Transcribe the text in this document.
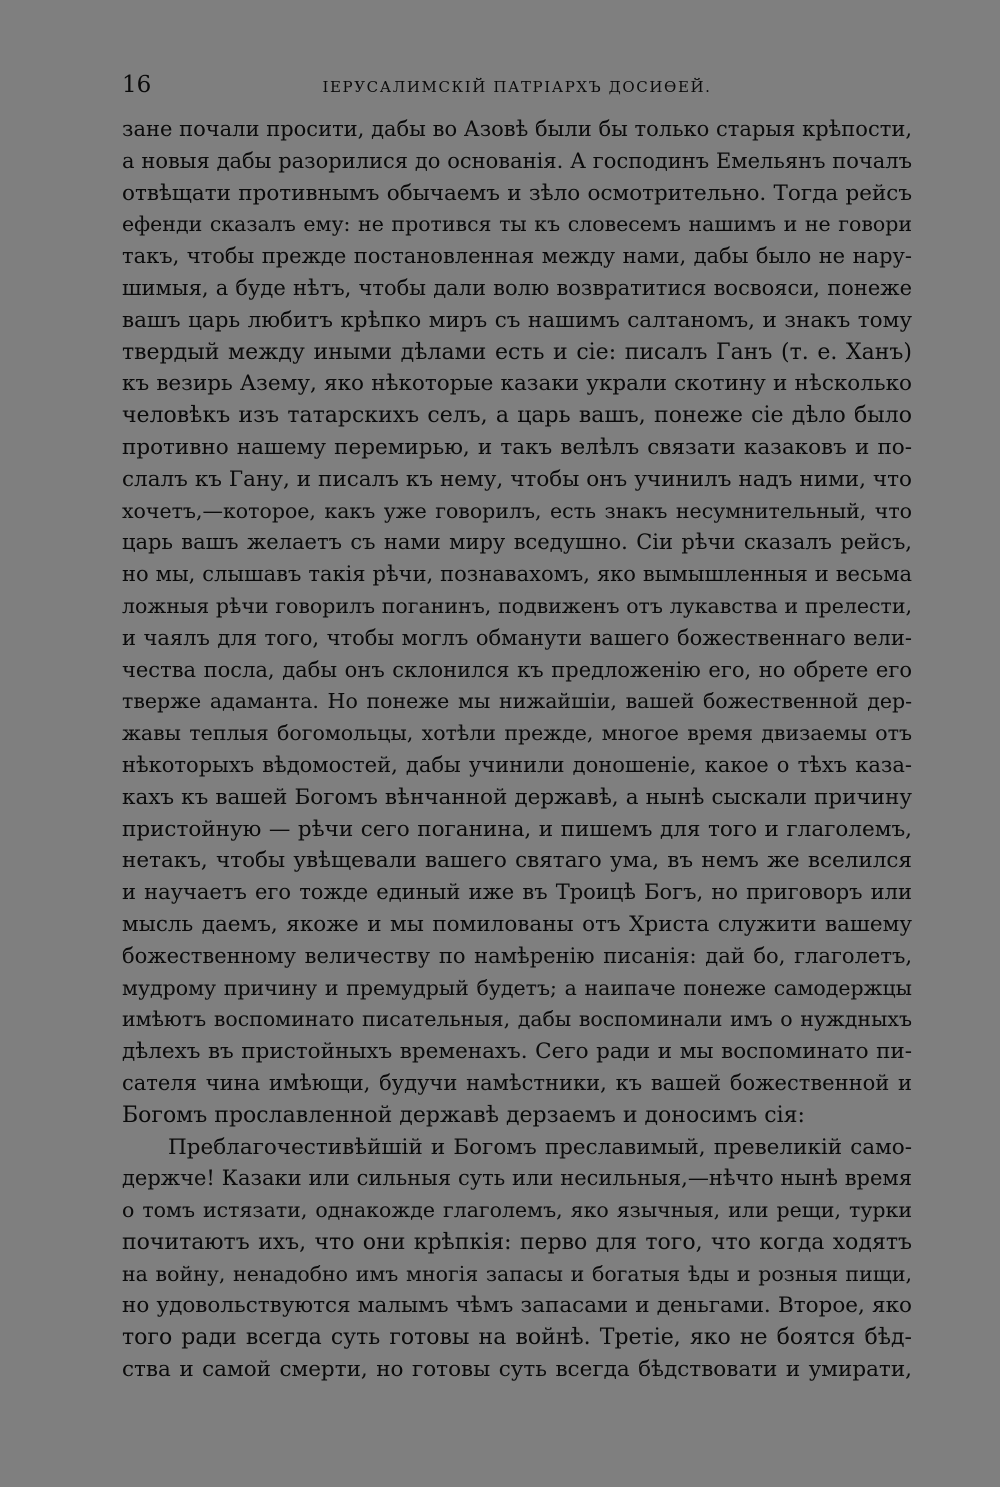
16	ІЕРУСАЛИМСКІЙ ПАТРІАРХЪ ДОСИѲЕЙ.
зане почали просити, дабы во Азовѣ были бы только старыя крѣпости,
а новыя дабы разорилися до основанія. А господинъ Емельянъ почалъ
отвѣщати противнымъ обычаемъ и зѣло осмотрительно. Тогда рейсъ
ефенди сказалъ ему: не протився ты къ словесемъ нашимъ и не говори
такъ, чтобы прежде постановленная между нами, дабы было не нару-
шимыя, а буде нѣтъ, чтобы дали волю возвратитися восвояси, понеже
вашъ царь любитъ крѣпко миръ съ нашимъ салтаномъ, и знакъ тому
твердый между иными дѣлами есть и сіе: писалъ Ганъ (т. е. Ханъ)
къ везирь Азему, яко нѣкоторые казаки украли скотину и нѣсколько
человѣкъ изъ татарскихъ селъ, а царь вашъ, понеже сіе дѣло было
противно нашему перемирью, и такъ велѣлъ связати казаковъ и по-
слалъ къ Гану, и писалъ къ нему, чтобы онъ учинилъ надъ ними, что
хочетъ,—которое, какъ уже говорилъ, есть знакъ несумнительный, что
царь вашъ желаетъ съ нами миру вседушно. Сіи рѣчи сказалъ рейсъ,
но мы, слышавъ такія рѣчи, познавахомъ, яко вымышленныя и весьма
ложныя рѣчи говорилъ поганинъ, подвиженъ отъ лукавства и прелести,
и чаялъ для того, чтобы моглъ обманути вашего божественнаго вели-
чества посла, дабы онъ склонился къ предложенію его, но обрете его
тверже адаманта. Но понеже мы нижайшіи, вашей божественной дер-
жавы теплыя богомольцы, хотѣли прежде, многое время двизаемы отъ
нѣкоторыхъ вѣдомостей, дабы учинили доношеніе, какое о тѣхъ каза-
кахъ къ вашей Богомъ вѣнчанной державѣ, а нынѣ сыскали причину
пристойную — рѣчи сего поганина, и пишемъ для того и глаголемъ,
нетакъ, чтобы увѣщевали вашего святаго ума, въ немъ же вселился
и научаетъ его тожде единый иже въ Троицѣ Богъ, но приговоръ или
мысль даемъ, якоже и мы помилованы отъ Христа служити вашему
божественному величеству по намѣренію писанія: дай бо, глаголетъ,
мудрому причину и премудрый будетъ; а наипаче понеже самодержцы
имѣютъ воспоминато писательныя, дабы воспоминали имъ о нуждныхъ
дѣлехъ въ пристойныхъ временахъ. Сего ради и мы воспоминато пи-
сателя чина имѣющи, будучи намѣстники, къ вашей божественной и
Богомъ прославленной державѣ дерзаемъ и доносимъ сія:
Преблагочестивѣйшій и Богомъ преславимый, превеликій само-
держче! Казаки или сильныя суть или несильныя,—нѣчто нынѣ время
о томъ истязати, однакожде глаголемъ, яко язычныя, или рещи, турки
почитаютъ ихъ, что они крѣпкія: перво для того, что когда ходятъ
на войну, ненадобно имъ многія запасы и богатыя ѣды и розныя пищи,
но удовольствуются малымъ чѣмъ запасами и деньгами. Второе, яко
того ради всегда суть готовы на войнѣ. Третіе, яко не боятся бѣд-
ства и самой смерти, но готовы суть всегда бѣдствовати и умирати,
